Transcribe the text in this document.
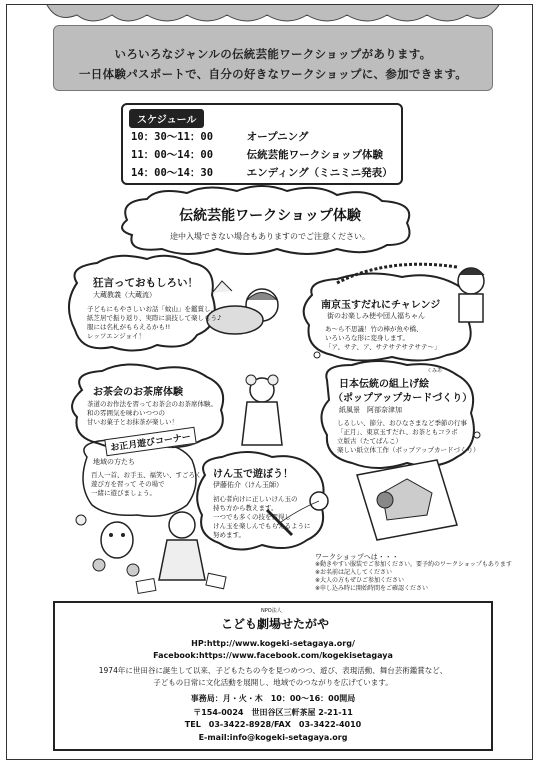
いろいろなジャンルの伝統芸能ワークショップがあります。
一日体験パスポートで、自分の好きなワークショップに、参加できます。
スケジュール
10：30〜11：00	オープニング
11：00〜14：00	伝統芸能ワークショップ体験
14：00〜14：30	エンディング（ミニミニ発表）
伝統芸能ワークショップ体験
途中入場できない場合もありますのでご注意ください。
狂言っておもしろい！
大蔵教義（大蔵流）
子どもにもやさしいお話「蚊山」を鑑賞し、
紙芝居で振り返り、実際に演技して楽しもう♪
服には名札がもらえるかも!!
レッツエンジョイ！
南京玉すだれにチャレンジ
街のお楽しみ使や団人福ちゃん
あ～ら不思議！竹の棒が魚や橋、
いろいろな形に変身します。
「ア、サテ、ア、サテサテサテサテ〜」
お茶会のお茶席体験
茶道のお作法を習ってお茶会のお茶席体験。
和の雰囲気を味わいつつの
甘いお菓子とお抹茶が楽しい！
くみあ
日本伝統の組上げ絵
（ポップアップカードづくり）
紙風景　阿部奈津加
しるしい、節分、おひなさまなど季節の行事
「正月」、東京玉すだれ、お茶ともコラボ
立版古（たてばんこ）
楽しい紙立体工作（ポップアップカードづくり）
お正月遊びコーナー
地域の方たち
百人一首、お手玉、福笑い、すごろく
遊び方を習って その場で
一緒に遊びましょう。
けん玉で遊ぼう！
伊藤佑介（けん玉師）
初心者向けに正しいけん玉の
持ち方から教えます。
一つでも多くの技を習得し
けん玉を楽しんでもらえるように
努めます。
ワークショップへは・・・
※動きやすい服装でご参加ください。要予約のワークショップもあります
※お名前は記入してください
※大人の方もぜひご参加ください
※申し込み時に開始時間をご確認ください
NPO法人
こども劇場せたがや
HP:http://www.kogeki-setagaya.org/
Facebook:https://www.facebook.com/kogekisetagaya
1974年に世田谷に誕生して以来、子どもたちの今を見つめつつ、遊び、表現活動、舞台芸術鑑賞など、
子どもの日常に文化活動を展開し、地域でのつながりを広げています。
事務局：月・火・木　10：00〜16：00開局
〒154-0024　世田谷区三軒茶屋 2-21-11
TEL　03-3422-8928/FAX　03-3422-4010
E-mail:info@kogeki-setagaya.org
